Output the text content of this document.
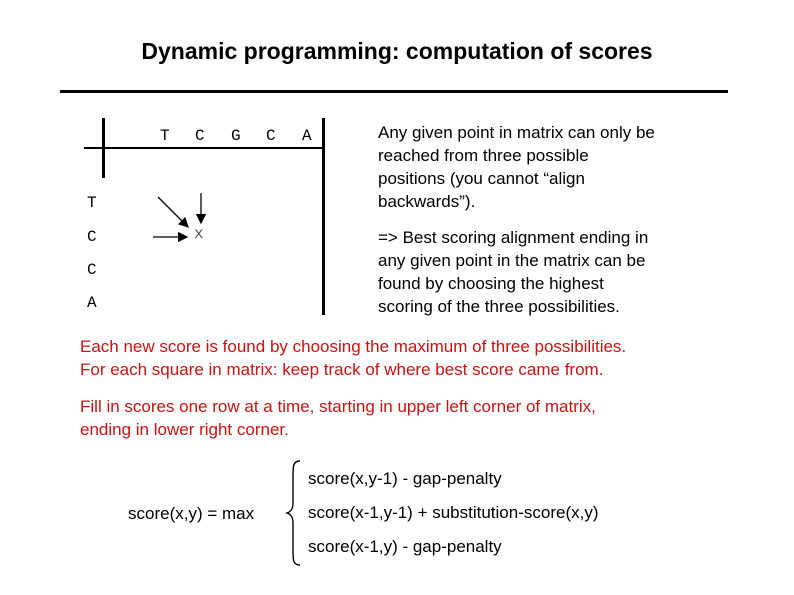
Dynamic programming: computation of scores
T C G C A
T
C
C
A
x
Any given point in matrix can only be
reached from three possible
positions (you cannot “align
backwards”).
=> Best scoring alignment ending in
any given point in the matrix can be
found by choosing the highest
scoring of the three possibilities.
Each new score is found by choosing the maximum of three possibilities.
For each square in matrix: keep track of where best score came from.
Fill in scores one row at a time, starting in upper left corner of matrix,
ending in lower right corner.
score(x,y) = max
score(x,y-1) - gap-penalty
score(x-1,y-1) + substitution-score(x,y)
score(x-1,y) - gap-penalty
